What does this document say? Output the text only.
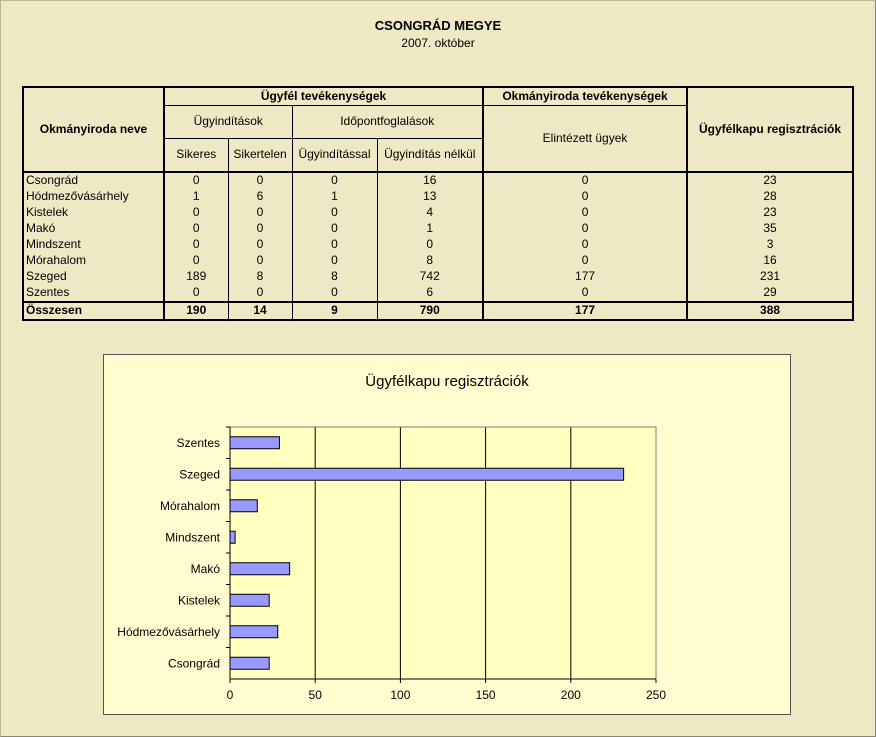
CSONGRÁD MEGYE
2007. október
Okmányiroda neve	Ügyfél tevékenységek				Okmányiroda tevékenységek	Ügyfélkapu regisztrációk
	Ügyindítások		Időpontfoglalások		Elintézett ügyek	
	Sikeres	Sikertelen	Ügyindítással	Ügyindítás nélkül		
Csongrád	0	0	0	16	0	23
Hódmezővásárhely	1	6	1	13	0	28
Kistelek	0	0	0	4	0	23
Makó	0	0	0	1	0	35
Mindszent	0	0	0	0	0	3
Mórahalom	0	0	0	8	0	16
Szeged	189	8	8	742	177	231
Szentes	0	0	0	6	0	29
Összesen	190	14	9	790	177	388
Ügyfélkapu regisztrációk
0	50	100	150	200	250
Szentes
Szeged
Mórahalom
Mindszent
Makó
Kistelek
Hódmezővásárhely
Csongrád
